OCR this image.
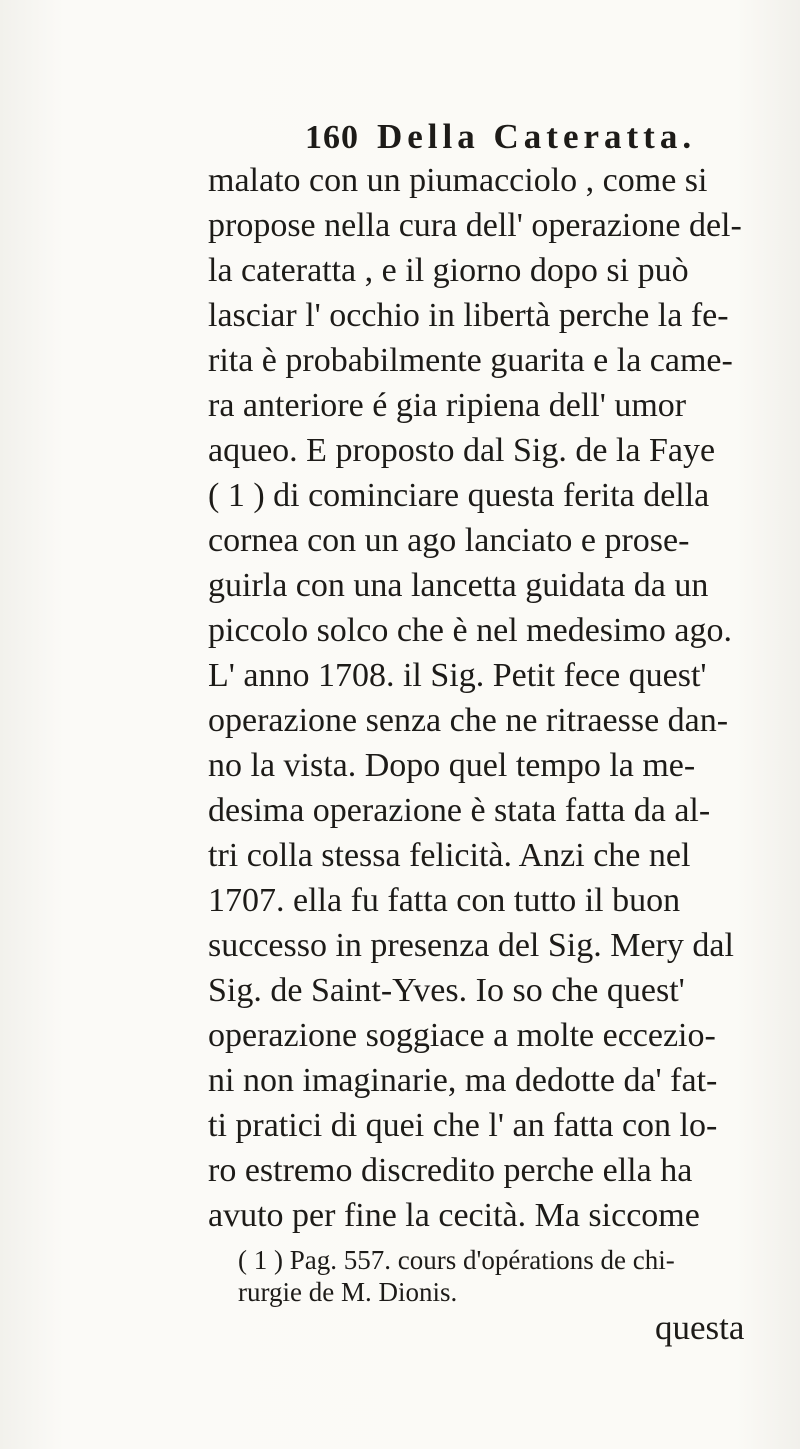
160 Della Cateratta.
malato con un piumacciolo , come si
propose nella cura dell' operazione del-
la cateratta , e il giorno dopo si può
lasciar l' occhio in libertà perche la fe-
rita è probabilmente guarita e la came-
ra anteriore é gia ripiena dell' umor
aqueo. E proposto dal Sig. de la Faye
( 1 ) di cominciare questa ferita della
cornea con un ago lanciato e prose-
guirla con una lancetta guidata da un
piccolo solco che è nel medesimo ago.
L' anno 1708. il Sig. Petit fece quest'
operazione senza che ne ritraesse dan-
no la vista. Dopo quel tempo la me-
desima operazione è stata fatta da al-
tri colla stessa felicità. Anzi che nel
1707. ella fu fatta con tutto il buon
successo in presenza del Sig. Mery dal
Sig. de Saint-Yves. Io so che quest'
operazione soggiace a molte eccezio-
ni non imaginarie, ma dedotte da' fat-
ti pratici di quei che l' an fatta con lo-
ro estremo discredito perche ella ha
avuto per fine la cecità. Ma siccome
( 1 ) Pag. 557. cours d'opérations de chi-
rurgie de M. Dionis.
questa
